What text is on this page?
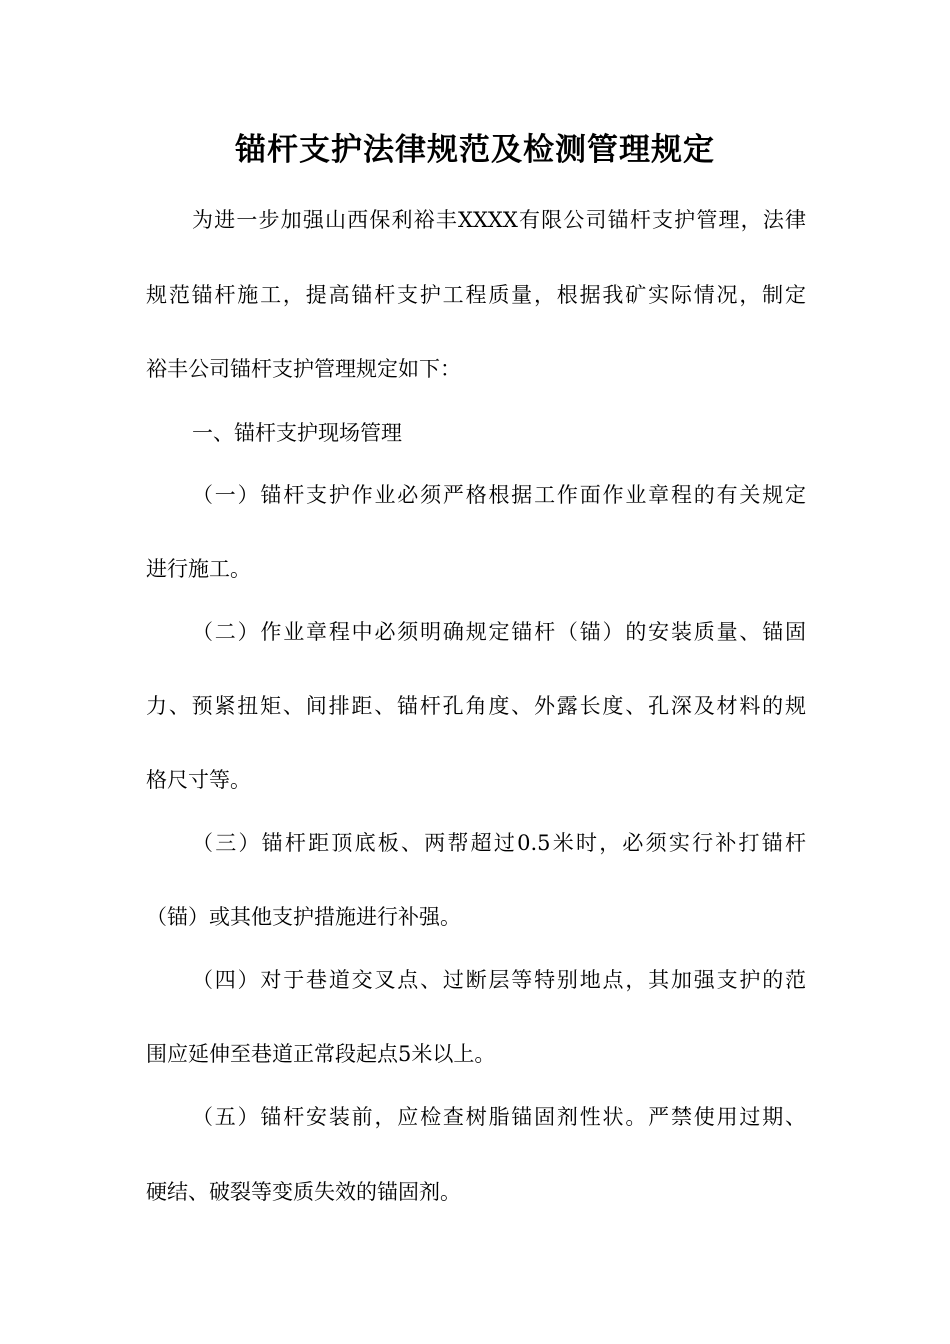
锚杆支护法律规范及检测管理规定
为进一步加强山西保利裕丰XXXX有限公司锚杆支护管理，法律
规范锚杆施工，提高锚杆支护工程质量，根据我矿实际情况，制定
裕丰公司锚杆支护管理规定如下：
一、锚杆支护现场管理
（一）锚杆支护作业必须严格根据工作面作业章程的有关规定
进行施工。
（二）作业章程中必须明确规定锚杆（锚）的安装质量、锚固
力、预紧扭矩、间排距、锚杆孔角度、外露长度、孔深及材料的规
格尺寸等。
（三）锚杆距顶底板、两帮超过0.5米时，必须实行补打锚杆
（锚）或其他支护措施进行补强。
（四）对于巷道交叉点、过断层等特别地点，其加强支护的范
围应延伸至巷道正常段起点5米以上。
（五）锚杆安装前，应检查树脂锚固剂性状。严禁使用过期、
硬结、破裂等变质失效的锚固剂。
